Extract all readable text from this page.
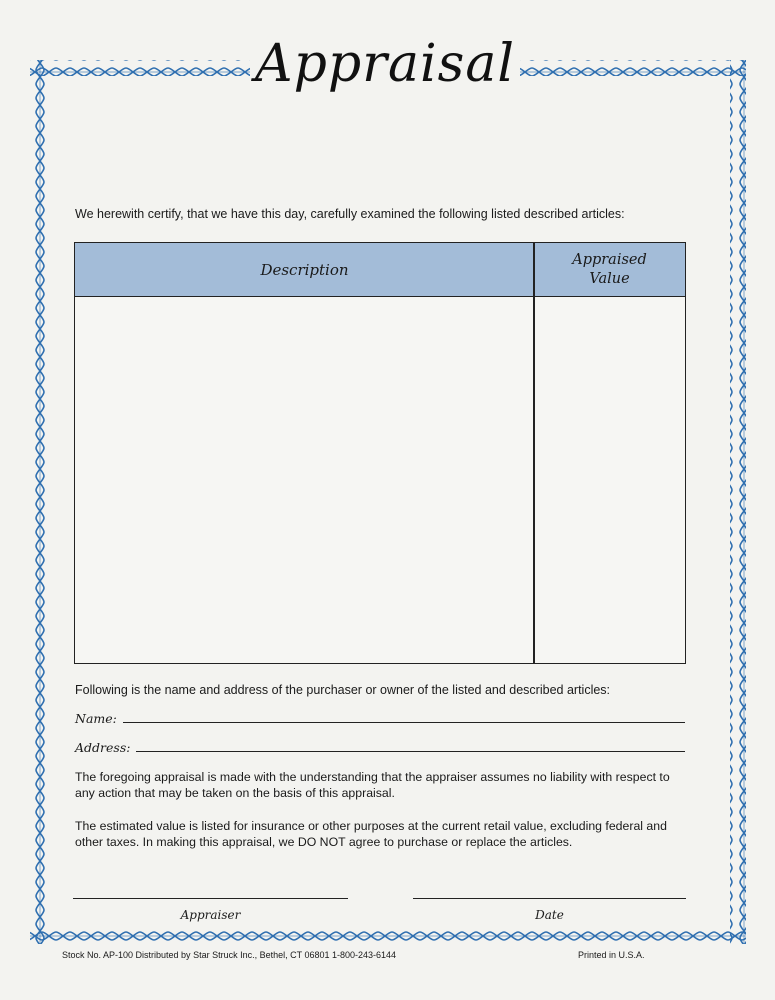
Appraisal
We herewith certify, that we have this day, carefully examined the following listed described articles:
Description
Appraised
Value
Following is the name and address of the purchaser or owner of the listed and described articles:
Name:
Address:
The foregoing appraisal is made with the understanding that the appraiser assumes no liability with respect to any action that may be taken on the basis of this appraisal.
The estimated value is listed for insurance or other purposes at the current retail value, excluding federal and other taxes. In making this appraisal, we DO NOT agree to purchase or replace the articles.
Appraiser	Date
Stock No. AP-100 Distributed by Star Struck Inc., Bethel, CT 06801 1-800-243-6144	Printed in U.S.A.
